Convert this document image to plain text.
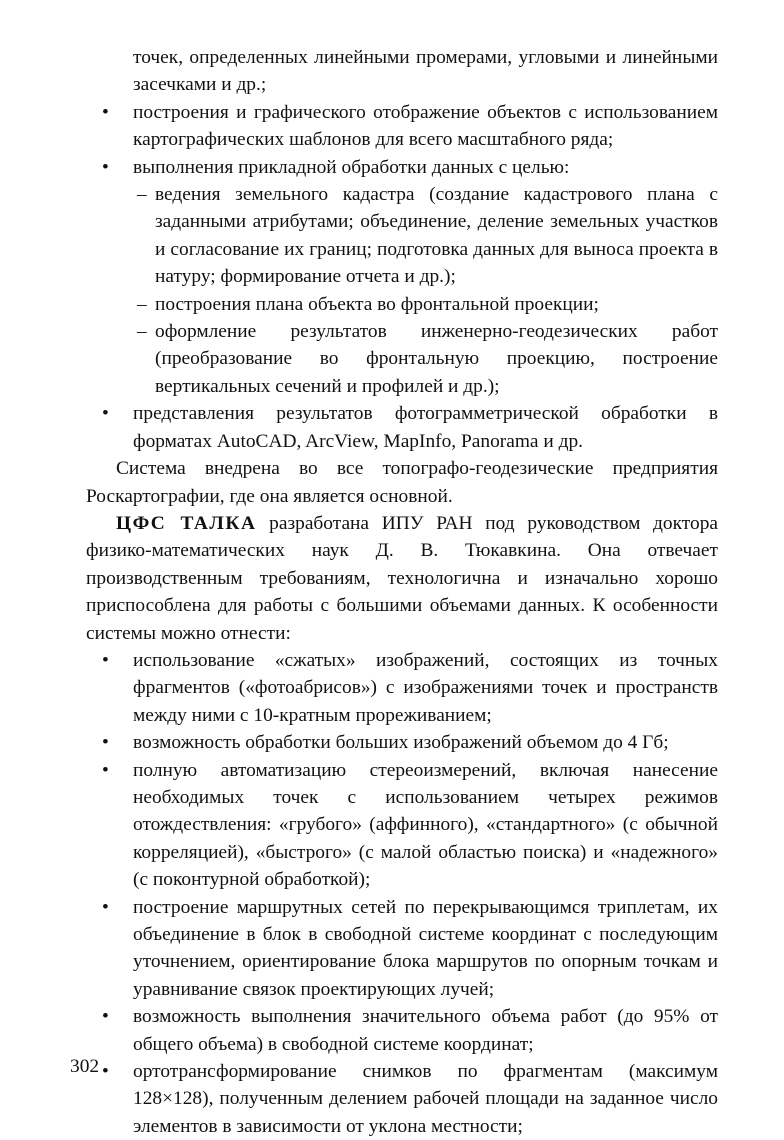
точек, определенных линейными промерами, угловыми и линейными засечками и др.;

• построения и графического отображение объектов с использованием картографических шаблонов для всего масштабного ряда;
• выполнения прикладной обработки данных с целью:
– ведения земельного кадастра (создание кадастрового плана с заданными атрибутами; объединение, деление земельных участков и согласование их границ; подготовка данных для выноса проекта в натуру; формирование отчета и др.);
– построения плана объекта во фронтальной проекции;
– оформление результатов инженерно-геодезических работ (преобразование во фронтальную проекцию, построение вертикальных сечений и профилей и др.);
• представления результатов фотограмметрической обработки в форматах AutoCAD, ArcView, MapInfo, Panorama и др.

Система внедрена во все топографо-геодезические предприятия Роскартографии, где она является основной.

ЦФС ТАЛКА разработана ИПУ РАН под руководством доктора физико-математических наук Д. В. Тюкавкина. Она отвечает производственным требованиям, технологична и изначально хорошо приспособлена для работы с большими объемами данных. К особенности системы можно отнести:

• использование «сжатых» изображений, состоящих из точных фрагментов («фотоабрисов») с изображениями точек и пространств между ними с 10-кратным прореживанием;
• возможность обработки больших изображений объемом до 4 Гб;
• полную автоматизацию стереоизмерений, включая нанесение необходимых точек с использованием четырех режимов отождествления: «грубого» (аффинного), «стандартного» (с обычной корреляцией), «быстрого» (с малой областью поиска) и «надежного» (с поконтурной обработкой);
• построение маршрутных сетей по перекрывающимся триплетам, их объединение в блок в свободной системе координат с последующим уточнением, ориентирование блока маршрутов по опорным точкам и уравнивание связок проектирующих лучей;
• возможность выполнения значительного объема работ (до 95% от общего объема) в свободной системе координат;
• ортотрансформирование снимков по фрагментам (максимум 128×128), полученным делением рабочей площади на заданное число элементов в зависимости от уклона местности;
302
